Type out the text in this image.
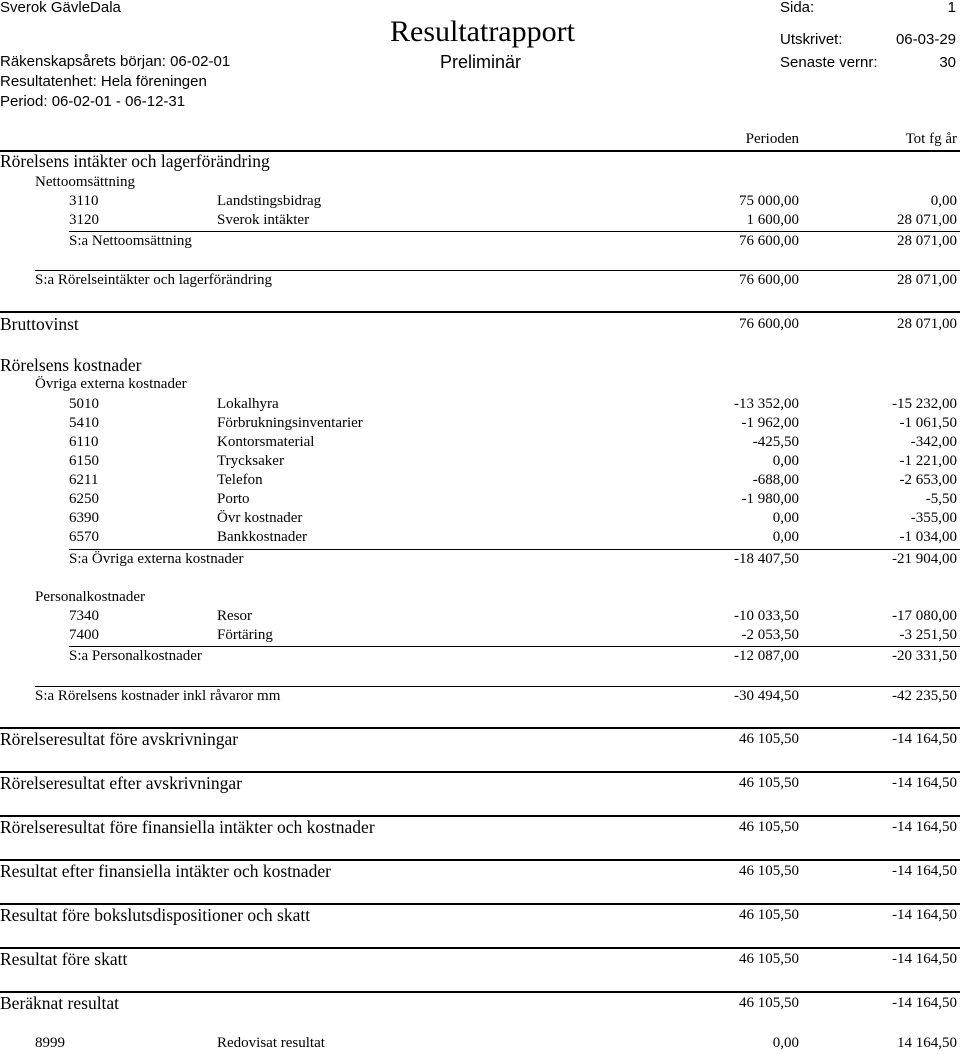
Sverok GävleDala
Räkenskapsårets början: 06-02-01
Resultatenhet: Hela föreningen
Period: 06-02-01 - 06-12-31
Resultatrapport
Preliminär
Sida:	1
Utskrivet:	06-03-29
Senaste vernr:	30
Perioden	Tot fg år
Rörelsens intäkter och lagerförändring
Nettoomsättning
3110	Landstingsbidrag	75 000,00	0,00
3120	Sverok intäkter	1 600,00	28 071,00
S:a Nettoomsättning	76 600,00	28 071,00
S:a Rörelseintäkter och lagerförändring	76 600,00	28 071,00
Bruttovinst	76 600,00	28 071,00
Rörelsens kostnader
Övriga externa kostnader
5010	Lokalhyra	-13 352,00	-15 232,00
5410	Förbrukningsinventarier	-1 962,00	-1 061,50
6110	Kontorsmaterial	-425,50	-342,00
6150	Trycksaker	0,00	-1 221,00
6211	Telefon	-688,00	-2 653,00
6250	Porto	-1 980,00	-5,50
6390	Övr kostnader	0,00	-355,00
6570	Bankkostnader	0,00	-1 034,00
S:a Övriga externa kostnader	-18 407,50	-21 904,00
Personalkostnader
7340	Resor	-10 033,50	-17 080,00
7400	Förtäring	-2 053,50	-3 251,50
S:a Personalkostnader	-12 087,00	-20 331,50
S:a Rörelsens kostnader inkl råvaror mm	-30 494,50	-42 235,50
Rörelseresultat före avskrivningar	46 105,50	-14 164,50
Rörelseresultat efter avskrivningar	46 105,50	-14 164,50
Rörelseresultat före finansiella intäkter och kostnader	46 105,50	-14 164,50
Resultat efter finansiella intäkter och kostnader	46 105,50	-14 164,50
Resultat före bokslutsdispositioner och skatt	46 105,50	-14 164,50
Resultat före skatt	46 105,50	-14 164,50
Beräknat resultat	46 105,50	-14 164,50
8999	Redovisat resultat	0,00	14 164,50
